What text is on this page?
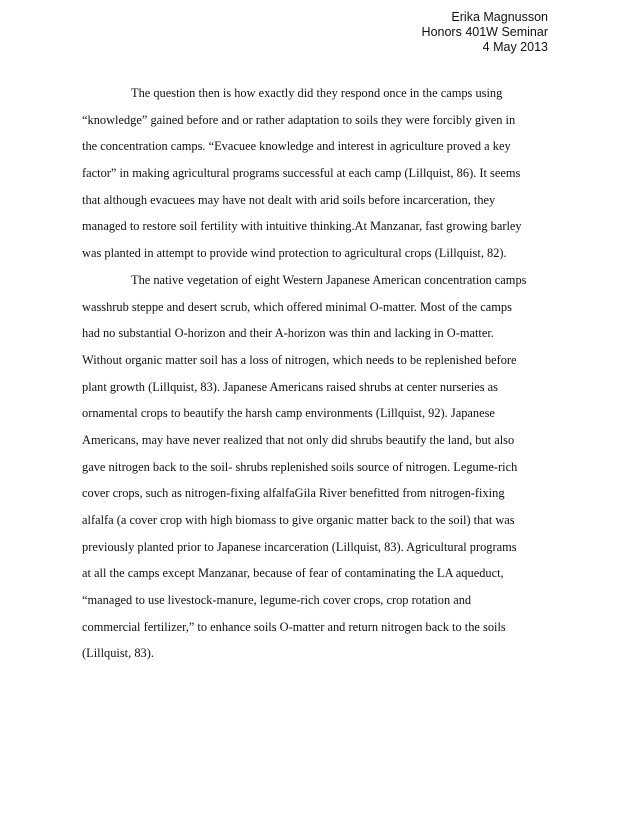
Erika Magnusson
Honors 401W Seminar
4 May 2013
The question then is how exactly did they respond once in the camps using
“knowledge” gained before and or rather adaptation to soils they were forcibly given in
the concentration camps. “Evacuee knowledge and interest in agriculture proved a key
factor” in making agricultural programs successful at each camp (Lillquist, 86). It seems
that although evacuees may have not dealt with arid soils before incarceration, they
managed to restore soil fertility with intuitive thinking.At Manzanar, fast growing barley
was planted in attempt to provide wind protection to agricultural crops (Lillquist, 82).
The native vegetation of eight Western Japanese American concentration camps
wasshrub steppe and desert scrub, which offered minimal O-matter. Most of the camps
had no substantial O-horizon and their A-horizon was thin and lacking in O-matter.
Without organic matter soil has a loss of nitrogen, which needs to be replenished before
plant growth (Lillquist, 83). Japanese Americans raised shrubs at center nurseries as
ornamental crops to beautify the harsh camp environments (Lillquist, 92). Japanese
Americans, may have never realized that not only did shrubs beautify the land, but also
gave nitrogen back to the soil- shrubs replenished soils source of nitrogen. Legume-rich
cover crops, such as nitrogen-fixing alfalfaGila River benefitted from nitrogen-fixing
alfalfa (a cover crop with high biomass to give organic matter back to the soil) that was
previously planted prior to Japanese incarceration (Lillquist, 83). Agricultural programs
at all the camps except Manzanar, because of fear of contaminating the LA aqueduct,
“managed to use livestock-manure, legume-rich cover crops, crop rotation and
commercial fertilizer,” to enhance soils O-matter and return nitrogen back to the soils
(Lillquist, 83).
